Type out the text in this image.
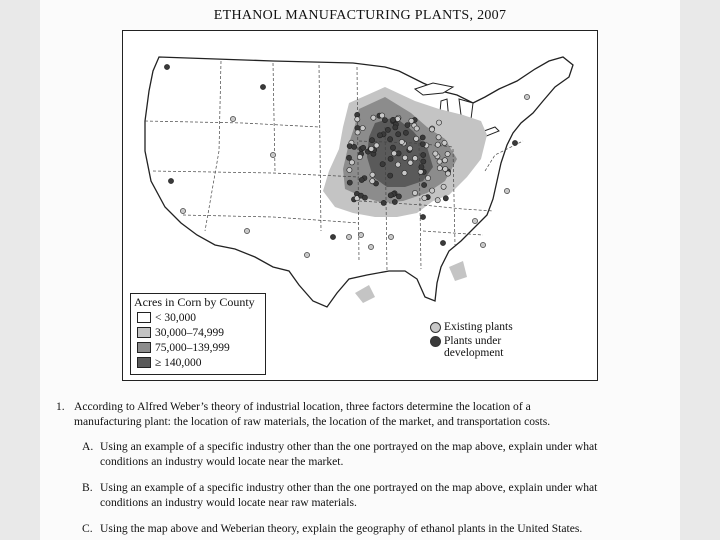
ETHANOL MANUFACTURING PLANTS, 2007
Acres in Corn by County
< 30,000
30,000–74,999
75,000–139,999
≥ 140,000
Existing plants
Plants under
development
1. According to Alfred Weber’s theory of industrial location, three factors determine the location of a
manufacturing plant: the location of raw materials, the location of the market, and transportation costs.
A. Using an example of a specific industry other than the one portrayed on the map above, explain under what
conditions an industry would locate near the market.
B. Using an example of a specific industry other than the one portrayed on the map above, explain under what
conditions an industry would locate near raw materials.
C. Using the map above and Weberian theory, explain the geography of ethanol plants in the United States.
